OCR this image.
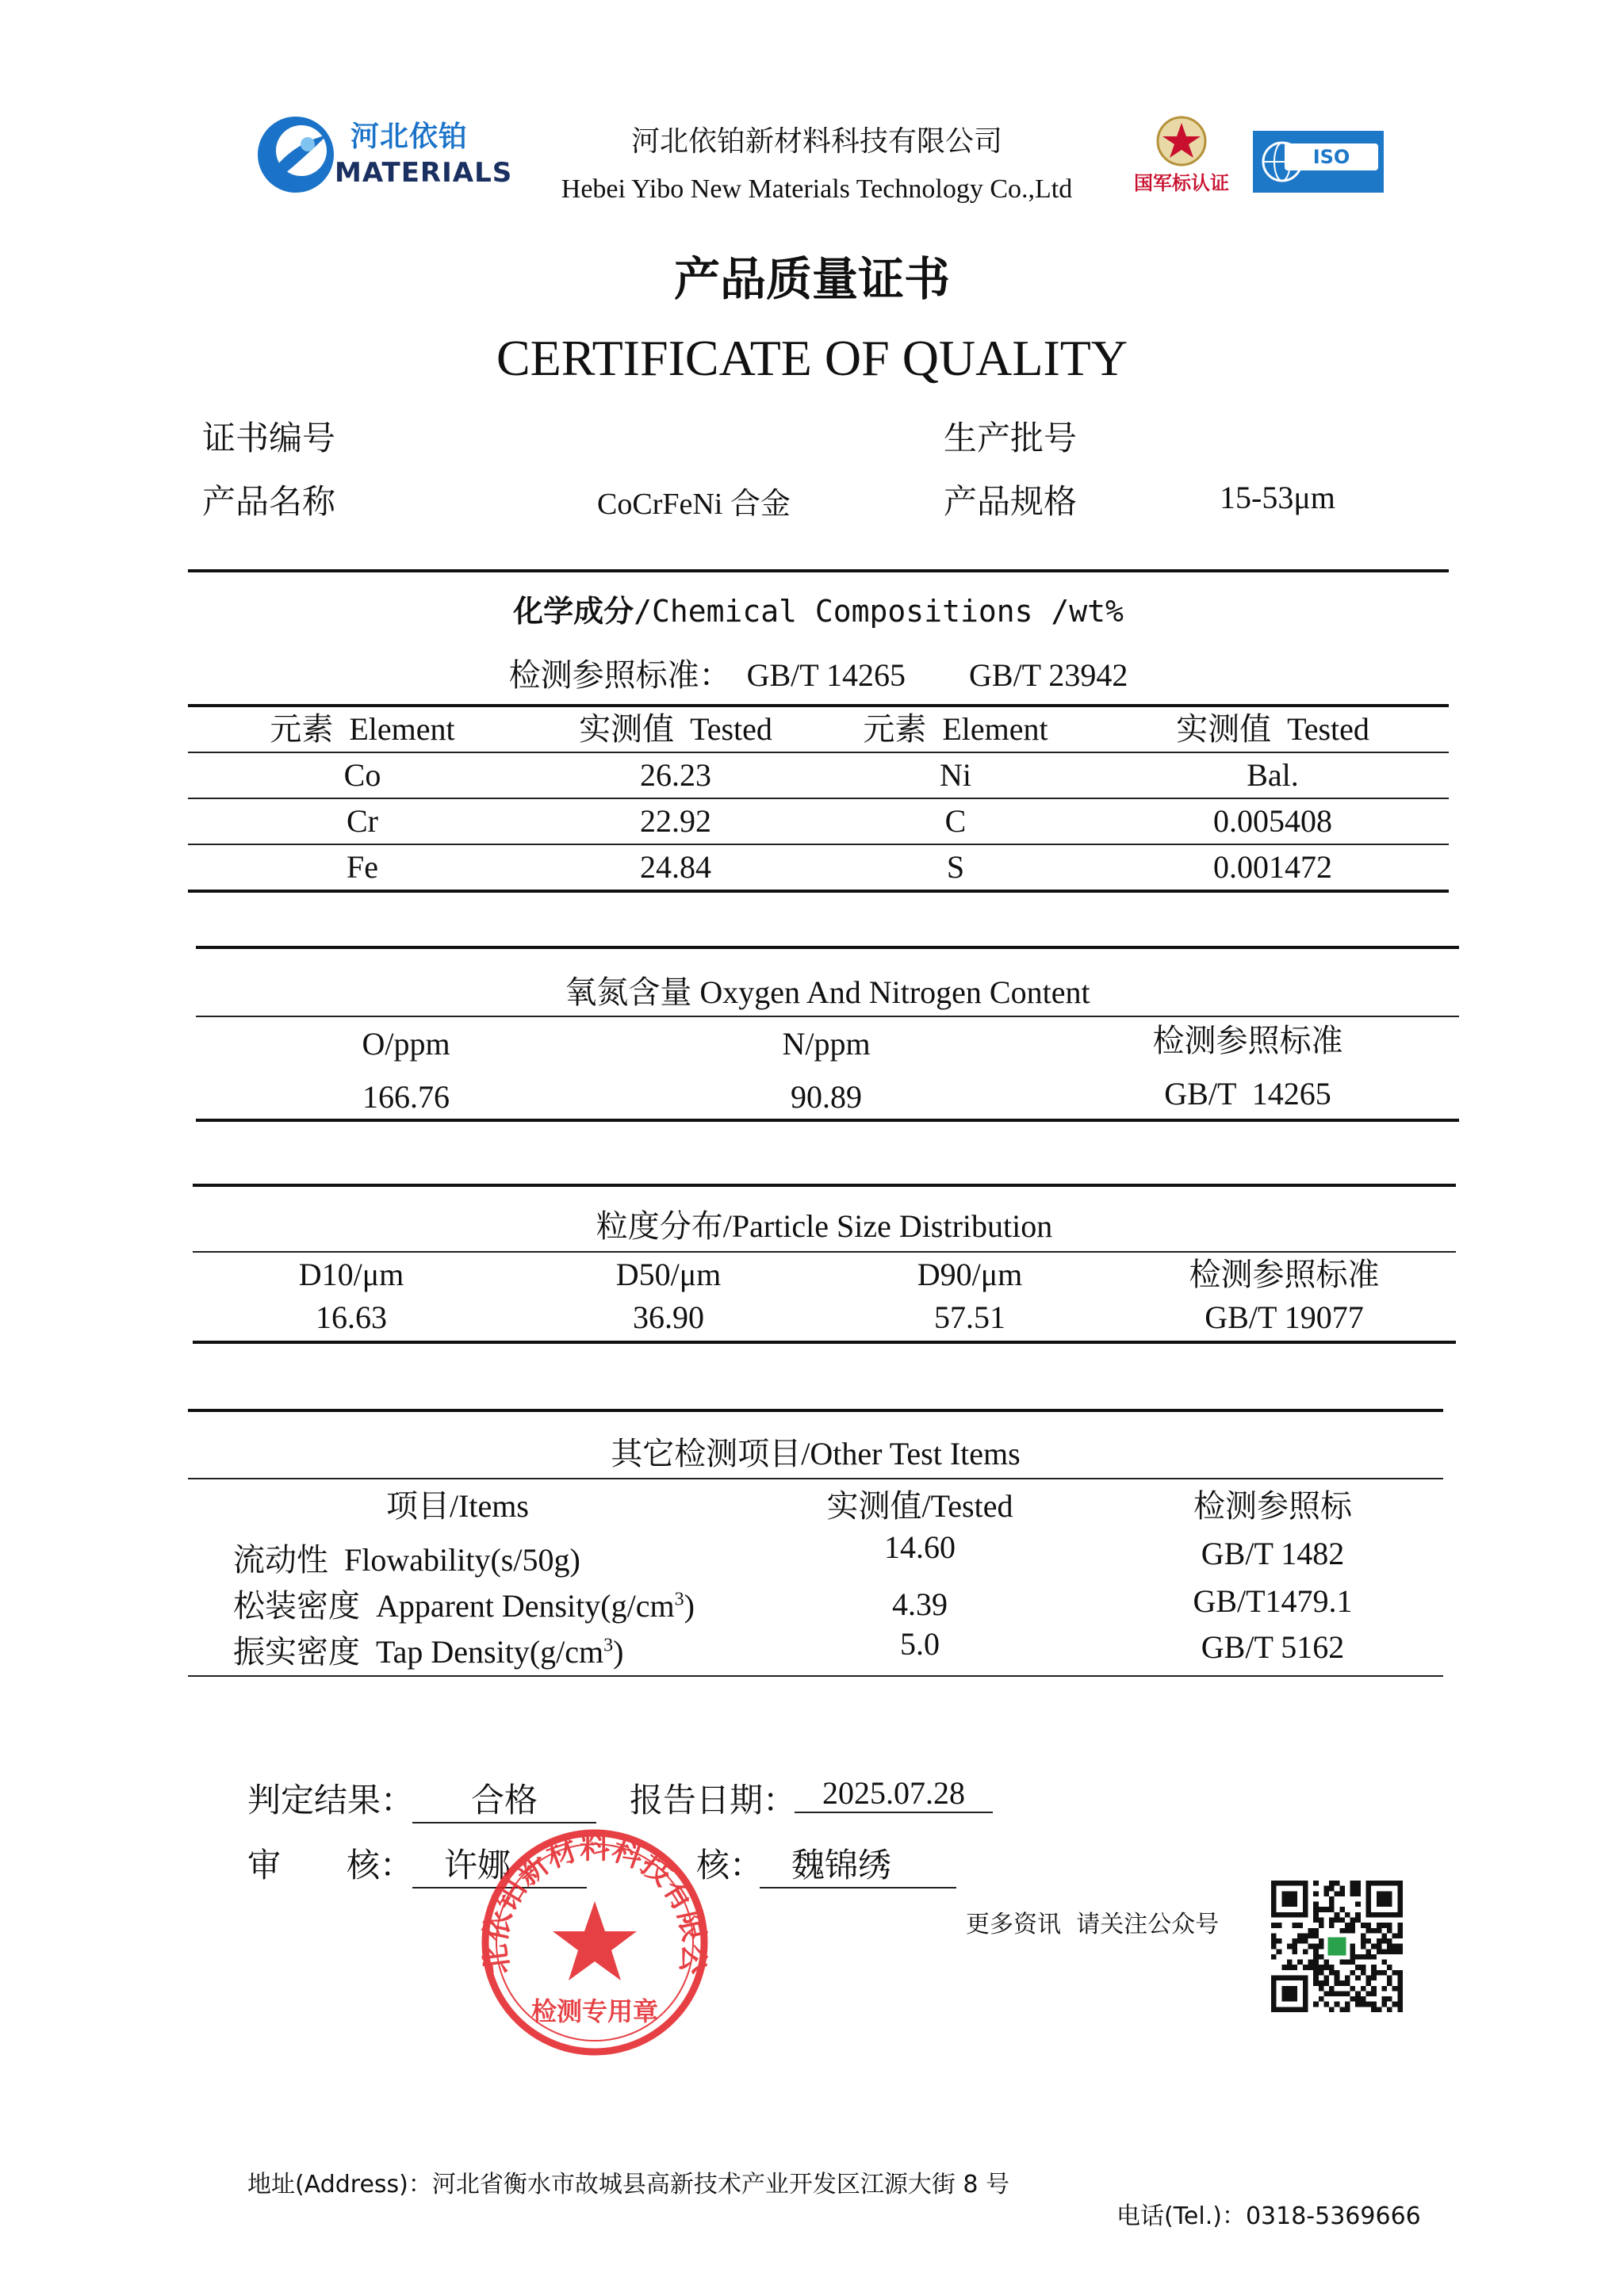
河北依铂
MATERIALS
河北依铂新材料科技有限公司
Hebei Yibo New Materials Technology Co.,Ltd	国军标认证
ISO 9001
产品质量证书
CERTIFICATE OF QUALITY
证书编号	生产批号
产品名称	CoCrFeNi 合金	产品规格	15-53μm
化学成分/Chemical Compositions /wt%
检测参照标准：  GB/T 14265        GB/T 23942
元素  Element	实测值  Tested	元素  Element	实测值  Tested
Co	26.23	Ni	Bal.
Cr	22.92	C	0.005408
Fe	24.84	S	0.001472
氧氮含量 Oxygen And Nitrogen Content
O/ppm	N/ppm	检测参照标准
166.76	90.89	GB/T  14265
粒度分布/Particle Size Distribution
D10/μm	D50/μm	D90/μm	检测参照标准
16.63	36.90	57.51	GB/T 19077
其它检测项目/Other Test Items
项目/Items	实测值/Tested	检测参照标
流动性 Flowability(s/50g)	14.60	GB/T 1482
松装密度 Apparent $Density(g/cm^3)$	4.39	GB/T1479.1
振实密度 Tap $Density(g/cm^3)$	5.0	GB/T 5162
判定结果：	合格	报告日期： 2025.07.28
审 核： 许娜	核： 魏锦绣
北依铂新材料科技有限公
检测专用章
更多资讯  请关注公众号
地址(Address)：河北省衡水市故城县高新技术产业开发区江源大街 8 号
电话(Tel.)：0318-5369666
